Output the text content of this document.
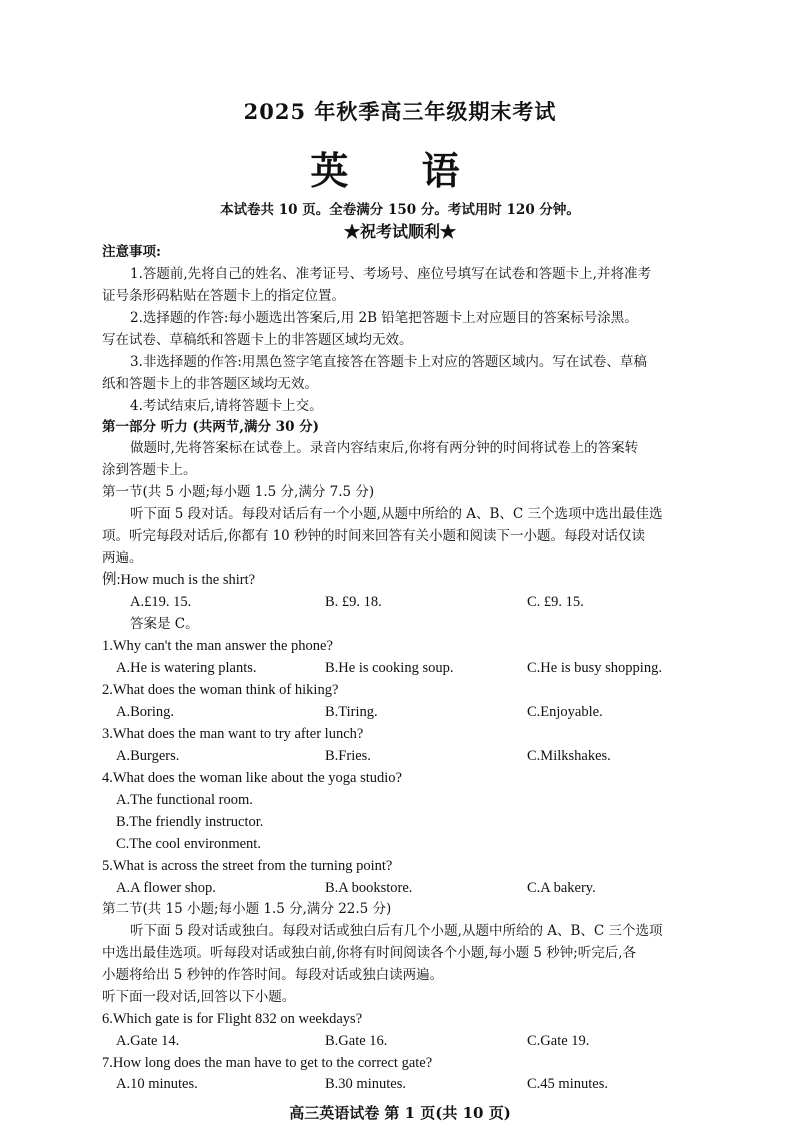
2025 年秋季高三年级期末考试
英 语
本试卷共 10 页。全卷满分 150 分。考试用时 120 分钟。
★祝考试顺利★
注意事项:
1.答题前,先将自己的姓名、准考证号、考场号、座位号填写在试卷和答题卡上,并将准考
证号条形码粘贴在答题卡上的指定位置。
2.选择题的作答:每小题选出答案后,用 2B 铅笔把答题卡上对应题目的答案标号涂黑。
写在试卷、草稿纸和答题卡上的非答题区域均无效。
3.非选择题的作答:用黑色签字笔直接答在答题卡上对应的答题区域内。写在试卷、草稿
纸和答题卡上的非答题区域均无效。
4.考试结束后,请将答题卡上交。
第一部分 听力 (共两节,满分 30 分)
做题时,先将答案标在试卷上。录音内容结束后,你将有两分钟的时间将试卷上的答案转
涂到答题卡上。
第一节(共 5 小题;每小题 1.5 分,满分 7.5 分)
听下面 5 段对话。每段对话后有一个小题,从题中所给的 A、B、C 三个选项中选出最佳选
项。听完每段对话后,你都有 10 秒钟的时间来回答有关小题和阅读下一小题。每段对话仅读
两遍。
例:How much is the shirt?
A.£19. 15.	B. £9. 18.	C. £9. 15.
答案是 C。
1.Why can't the man answer the phone?
A.He is watering plants.	B.He is cooking soup.	C.He is busy shopping.
2.What does the woman think of hiking?
A.Boring.	B.Tiring.	C.Enjoyable.
3.What does the man want to try after lunch?
A.Burgers.	B.Fries.	C.Milkshakes.
4.What does the woman like about the yoga studio?
A.The functional room.
B.The friendly instructor.
C.The cool environment.
5.What is across the street from the turning point?
A.A flower shop.	B.A bookstore.	C.A bakery.
第二节(共 15 小题;每小题 1.5 分,满分 22.5 分)
听下面 5 段对话或独白。每段对话或独白后有几个小题,从题中所给的 A、B、C 三个选项
中选出最佳选项。听每段对话或独白前,你将有时间阅读各个小题,每小题 5 秒钟;听完后,各
小题将给出 5 秒钟的作答时间。每段对话或独白读两遍。
听下面一段对话,回答以下小题。
6.Which gate is for Flight 832 on weekdays?
A.Gate 14.	B.Gate 16.	C.Gate 19.
7.How long does the man have to get to the correct gate?
A.10 minutes.	B.30 minutes.	C.45 minutes.
高三英语试卷 第 1 页(共 10 页)
